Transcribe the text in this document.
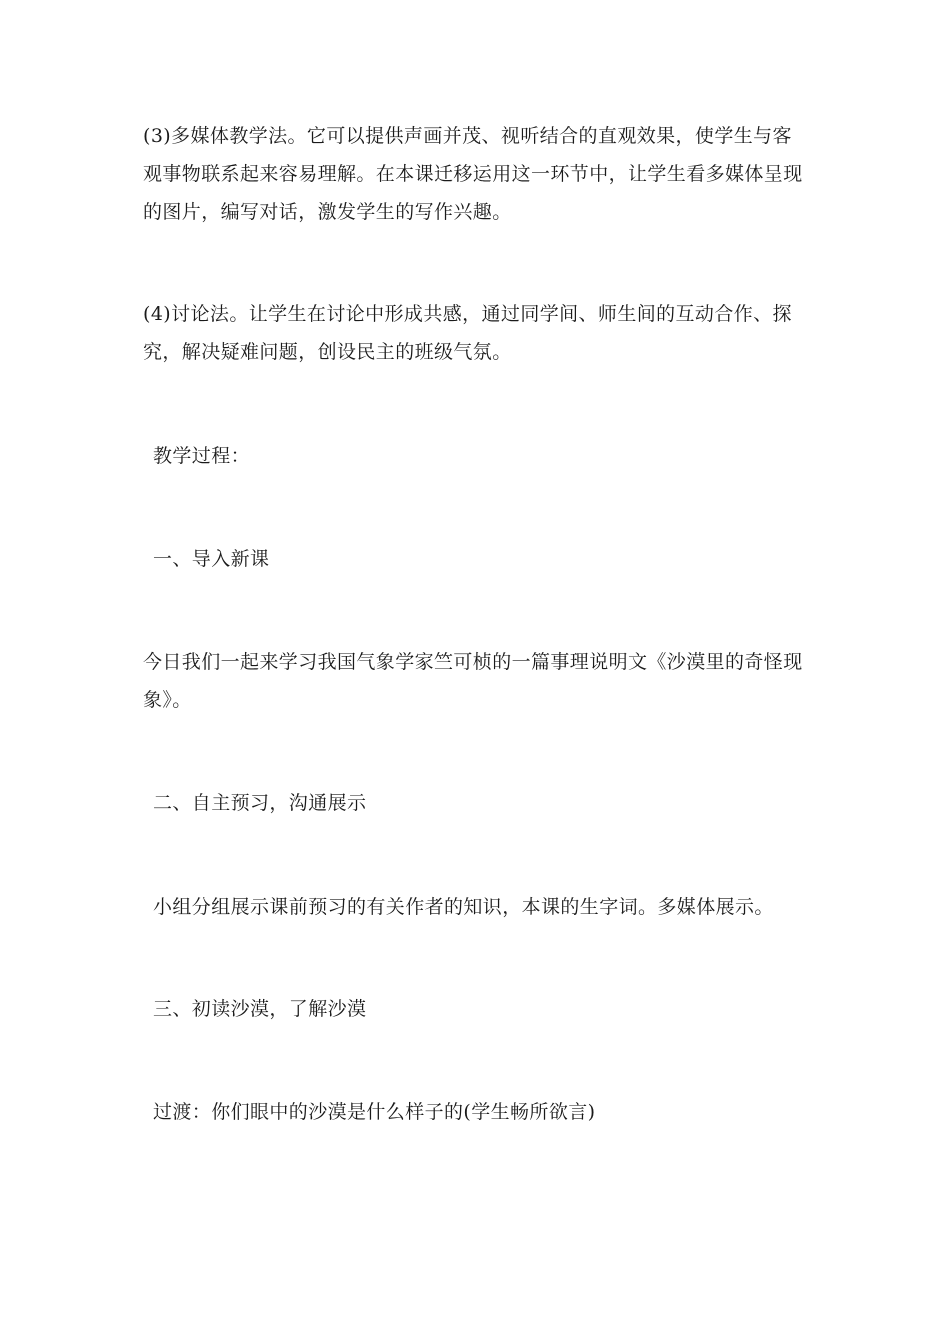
(3)多媒体教学法。它可以提供声画并茂、视听结合的直观效果，使学生与客
观事物联系起来容易理解。在本课迁移运用这一环节中，让学生看多媒体呈现
的图片，编写对话，激发学生的写作兴趣。
(4)讨论法。让学生在讨论中形成共感，通过同学间、师生间的互动合作、探
究，解决疑难问题，创设民主的班级气氛。
教学过程：
一、导入新课
今日我们一起来学习我国气象学家竺可桢的一篇事理说明文《沙漠里的奇怪现
象》。
二、自主预习，沟通展示
小组分组展示课前预习的有关作者的知识，本课的生字词。多媒体展示。
三、初读沙漠，了解沙漠
过渡：你们眼中的沙漠是什么样子的(学生畅所欲言)
